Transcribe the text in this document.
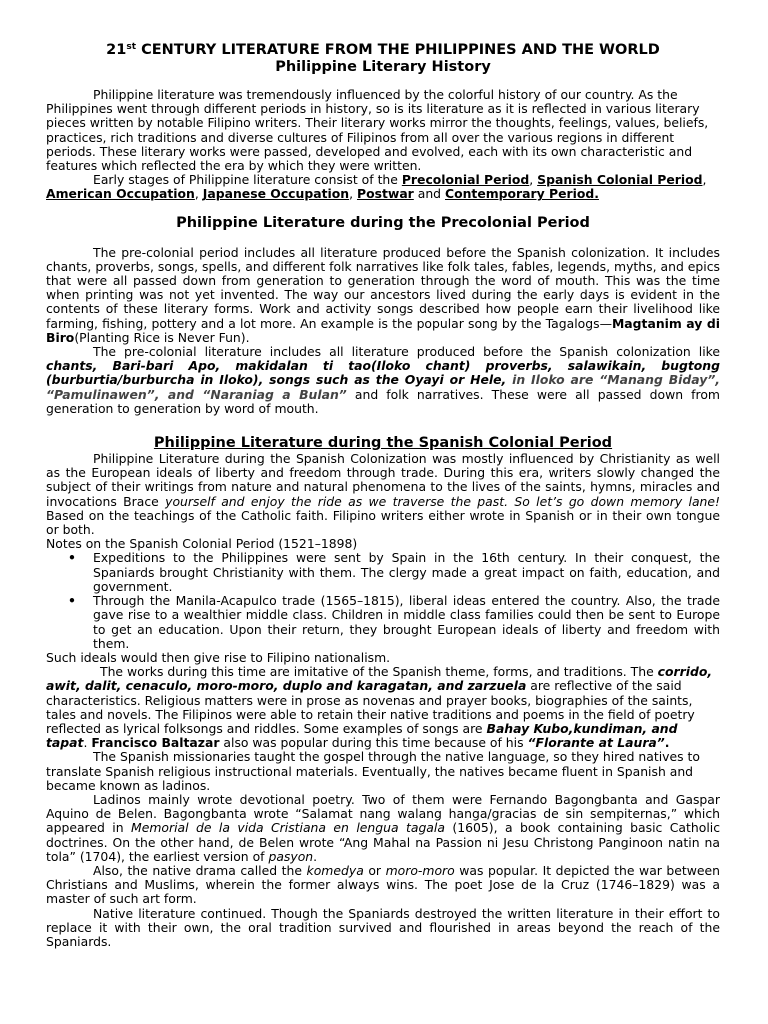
21st CENTURY LITERATURE FROM THE PHILIPPINES AND THE WORLD

Philippine Literary History

Philippine literature was tremendously influenced by the colorful history of our country. As the Philippines went through different periods in history, so is its literature as it is reflected in various literary pieces written by notable Filipino writers. Their literary works mirror the thoughts, feelings, values, beliefs, practices, rich traditions and diverse cultures of Filipinos from all over the various regions in different periods. These literary works were passed, developed and evolved, each with its own characteristic and features which reflected the era by which they were written.

Early stages of Philippine literature consist of the Precolonial Period, Spanish Colonial Period, American Occupation, Japanese Occupation, Postwar and Contemporary Period.

Philippine Literature during the Precolonial Period

The pre-colonial period includes all literature produced before the Spanish colonization. It includes chants, proverbs, songs, spells, and different folk narratives like folk tales, fables, legends, myths, and epics that were all passed down from generation to generation through the word of mouth. This was the time when printing was not yet invented. The way our ancestors lived during the early days is evident in the contents of these literary forms. Work and activity songs described how people earn their livelihood like farming, fishing, pottery and a lot more. An example is the popular song by the Tagalogs—Magtanim ay di Biro(Planting Rice is Never Fun).

The pre-colonial literature includes all literature produced before the Spanish colonization like chants, Bari-bari Apo, makidalan ti tao(Iloko chant) proverbs, salawikain, bugtong (burburtia/burburcha in Iloko), songs such as the Oyayi or Hele, in Iloko are “Manang Biday”, “Pamulinawen”, and “Naraniag a Bulan” and folk narratives. These were all passed down from generation to generation by word of mouth.

Philippine Literature during the Spanish Colonial Period

Philippine Literature during the Spanish Colonization was mostly influenced by Christianity as well as the European ideals of liberty and freedom through trade. During this era, writers slowly changed the subject of their writings from nature and natural phenomena to the lives of the saints, hymns, miracles and invocations Brace yourself and enjoy the ride as we traverse the past. So let’s go down memory lane! Based on the teachings of the Catholic faith. Filipino writers either wrote in Spanish or in their own tongue or both.

Notes on the Spanish Colonial Period (1521–1898)

• Expeditions to the Philippines were sent by Spain in the 16th century. In their conquest, the Spaniards brought Christianity with them. The clergy made a great impact on faith, education, and government.
• Through the Manila-Acapulco trade (1565–1815), liberal ideas entered the country. Also, the trade gave rise to a wealthier middle class. Children in middle class families could then be sent to Europe to get an education. Upon their return, they brought European ideals of liberty and freedom with them.

Such ideals would then give rise to Filipino nationalism.

The works during this time are imitative of the Spanish theme, forms, and traditions. The corrido, awit, dalit, cenaculo, moro-moro, duplo and karagatan, and zarzuela are reflective of the said characteristics. Religious matters were in prose as novenas and prayer books, biographies of the saints, tales and novels. The Filipinos were able to retain their native traditions and poems in the field of poetry reflected as lyrical folksongs and riddles. Some examples of songs are Bahay Kubo,kundiman, and tapat. Francisco Baltazar also was popular during this time because of his “Florante at Laura”.

The Spanish missionaries taught the gospel through the native language, so they hired natives to translate Spanish religious instructional materials. Eventually, the natives became fluent in Spanish and became known as ladinos.

Ladinos mainly wrote devotional poetry. Two of them were Fernando Bagongbanta and Gaspar Aquino de Belen. Bagongbanta wrote “Salamat nang walang hanga/gracias de sin sempiternas,” which appeared in Memorial de la vida Cristiana en lengua tagala (1605), a book containing basic Catholic doctrines. On the other hand, de Belen wrote “Ang Mahal na Passion ni Jesu Christong Panginoon natin na tola” (1704), the earliest version of pasyon.

Also, the native drama called the komedya or moro-moro was popular. It depicted the war between Christians and Muslims, wherein the former always wins. The poet Jose de la Cruz (1746–1829) was a master of such art form.

Native literature continued. Though the Spaniards destroyed the written literature in their effort to replace it with their own, the oral tradition survived and flourished in areas beyond the reach of the Spaniards.
